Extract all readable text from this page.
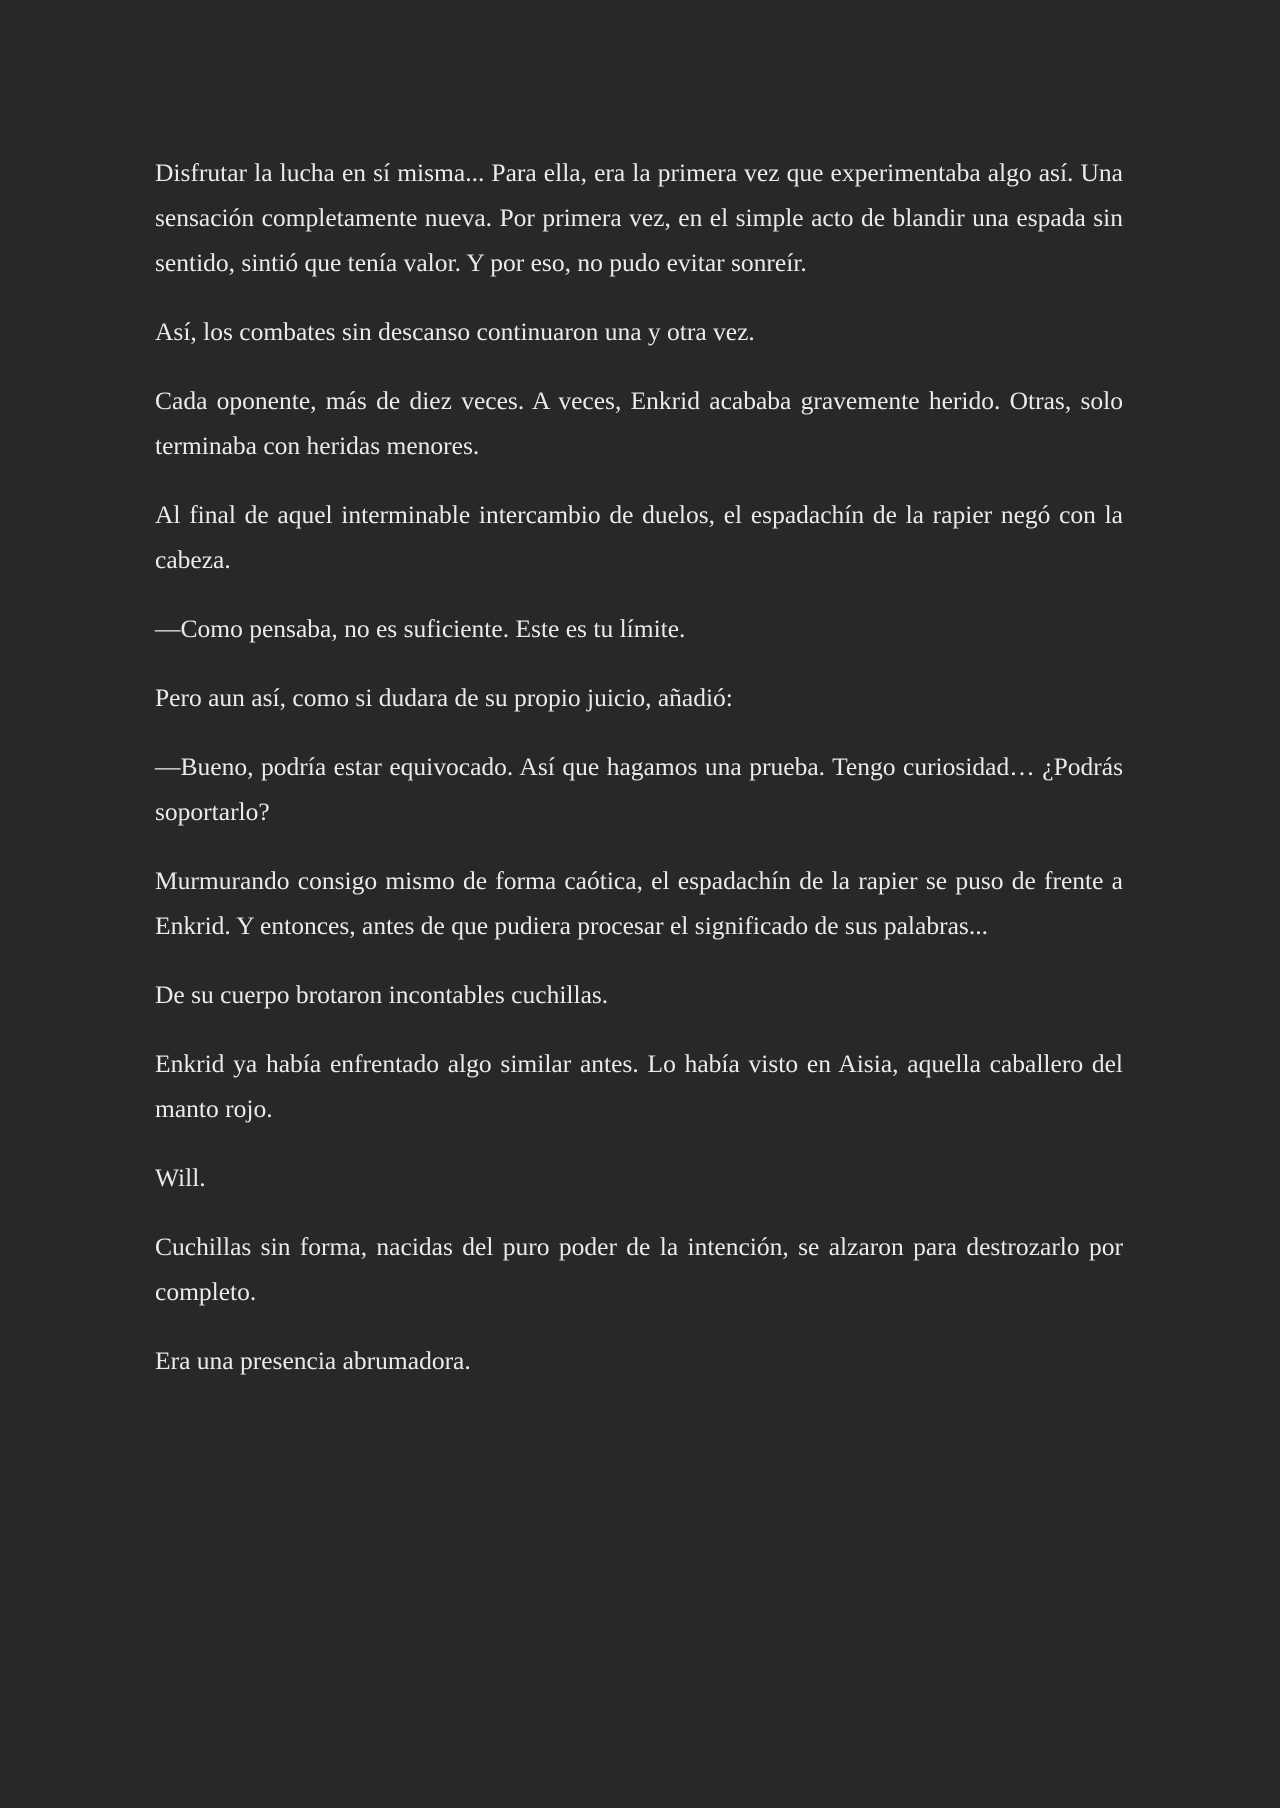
Disfrutar la lucha en sí misma... Para ella, era la primera vez que experimentaba algo así. Una sensación completamente nueva. Por primera vez, en el simple acto de blandir una espada sin sentido, sintió que tenía valor. Y por eso, no pudo evitar sonreír.

Así, los combates sin descanso continuaron una y otra vez.

Cada oponente, más de diez veces. A veces, Enkrid acababa gravemente herido. Otras, solo terminaba con heridas menores.

Al final de aquel interminable intercambio de duelos, el espadachín de la rapier negó con la cabeza.

—Como pensaba, no es suficiente. Este es tu límite.

Pero aun así, como si dudara de su propio juicio, añadió:

—Bueno, podría estar equivocado. Así que hagamos una prueba. Tengo curiosidad… ¿Podrás soportarlo?

Murmurando consigo mismo de forma caótica, el espadachín de la rapier se puso de frente a Enkrid. Y entonces, antes de que pudiera procesar el significado de sus palabras...

De su cuerpo brotaron incontables cuchillas.

Enkrid ya había enfrentado algo similar antes. Lo había visto en Aisia, aquella caballero del manto rojo.

Will.

Cuchillas sin forma, nacidas del puro poder de la intención, se alzaron para destrozarlo por completo.

Era una presencia abrumadora.
